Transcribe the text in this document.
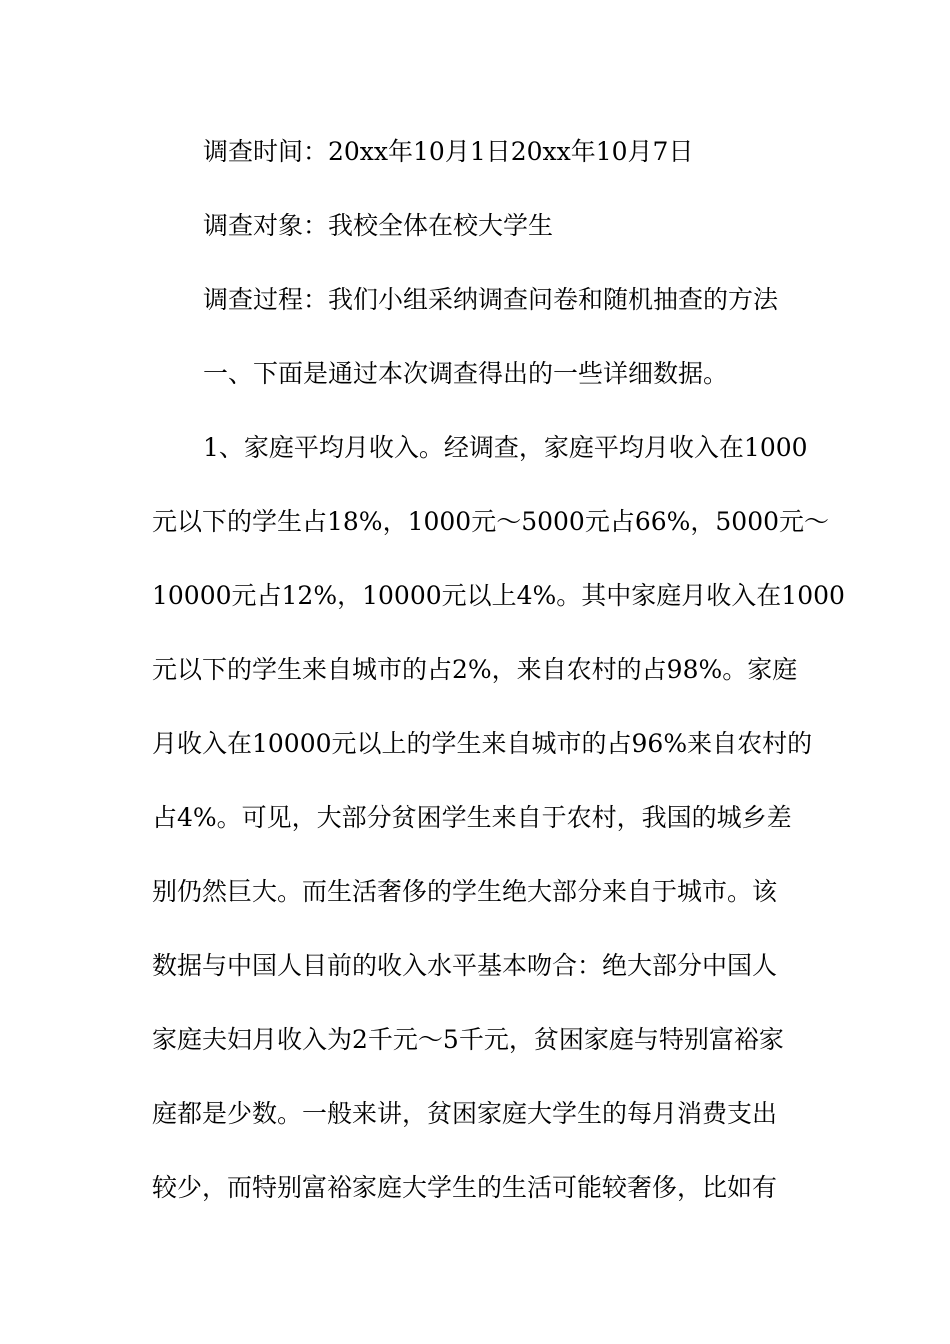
调查时间：20xx年10月1日20xx年10月7日
调查对象：我校全体在校大学生
调查过程：我们小组采纳调查问卷和随机抽查的方法
一、下面是通过本次调查得出的一些详细数据。
1、家庭平均月收入。经调查，家庭平均月收入在1000
元以下的学生占18%，1000元～5000元占66%，5000元～
10000元占12%，10000元以上4%。其中家庭月收入在1000
元以下的学生来自城市的占2%，来自农村的占98%。家庭
月收入在10000元以上的学生来自城市的占96%来自农村的
占4%。可见，大部分贫困学生来自于农村，我国的城乡差
别仍然巨大。而生活奢侈的学生绝大部分来自于城市。该
数据与中国人目前的收入水平基本吻合：绝大部分中国人
家庭夫妇月收入为2千元～5千元，贫困家庭与特别富裕家
庭都是少数。一般来讲，贫困家庭大学生的每月消费支出
较少，而特别富裕家庭大学生的生活可能较奢侈，比如有
